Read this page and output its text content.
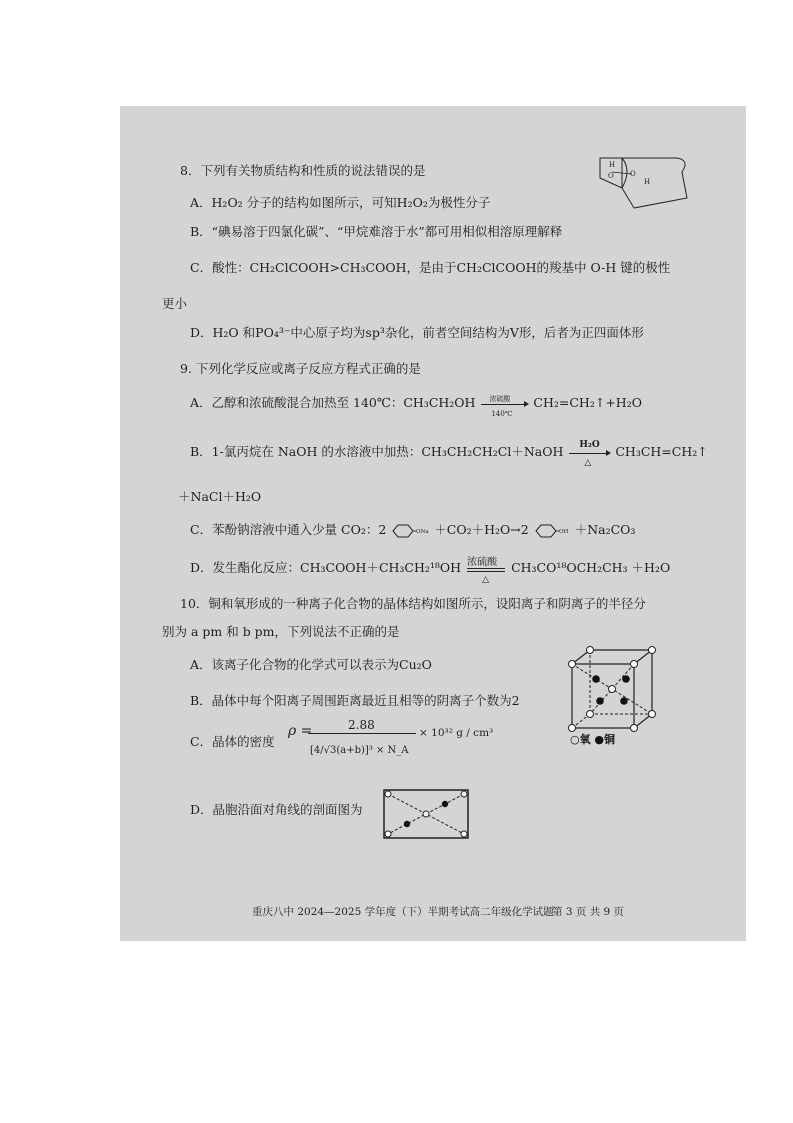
8．下列有关物质结构和性质的说法错误的是
A．H₂O₂ 分子的结构如图所示，可知H₂O₂为极性分子
B．“碘易溶于四氯化碳”、“甲烷难溶于水”都可用相似相溶原理解释
C．酸性：CH₂ClCOOH>CH₃COOH，是由于CH₂ClCOOH的羧基中 O-H 键的极性
更小
D．H₂O 和PO₄³⁻中心原子均为sp³杂化，前者空间结构为V形，后者为正四面体形
H
O O
H
9. 下列化学反应或离子反应方程式正确的是
A．乙醇和浓硫酸混合加热至 140℃：CH₃CH₂OH 浓硫酸
140℃
CH₂=CH₂↑+H₂O
B．1-氯丙烷在 NaOH 的水溶液中加热：CH₃CH₂CH₂Cl＋NaOH H₂O
△
CH₃CH=CH₂↑
＋NaCl＋H₂O
C．苯酚钠溶液中通入少量 CO₂：2	ONa ＋CO₂＋H₂O→2	OH ＋Na₂CO₃
D．发生酯化反应：CH₃COOH＋CH₃CH₂¹⁸OH 浓硫酸
△
CH₃CO¹⁸OCH₂CH₃ ＋H₂O
10．铜和氧形成的一种离子化合物的晶体结构如图所示，设阳离子和阴离子的半径分
别为 a pm 和 b pm，下列说法不正确的是
A．该离子化合物的化学式可以表示为Cu₂O
B．晶体中每个阳离子周围距离最近且相等的阴离子个数为2
C．晶体的密度
ρ =	2.88
[4/√3(a+b)]³ × N_A
× 10³² g / cm³
D．晶胞沿面对角线的剖面图为
○氧 ●铜
重庆八中 2024—2025 学年度（下）半期考试高二年级化学试题
第 3 页 共 9 页
